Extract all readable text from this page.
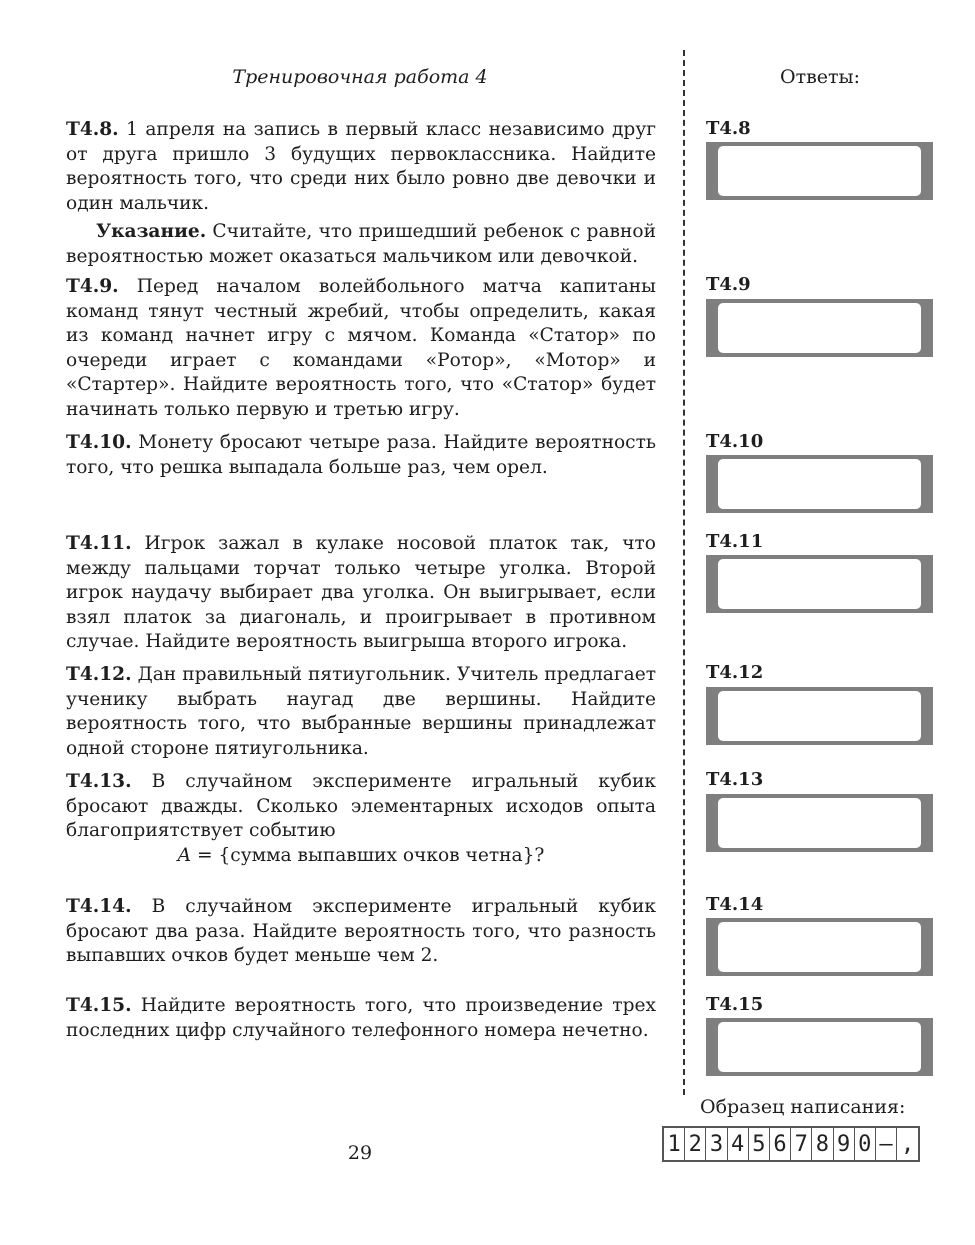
Тренировочная работа 4	Ответы:

Т4.8. 1 апреля на запись в первый класс независимо друг от друга пришло 3 будущих первоклассника. Найдите вероятность того, что среди них было ровно две девочки и один мальчик.

Указание. Считайте, что пришедший ребенок с равной вероятностью может оказаться мальчиком или девочкой.

Т4.9. Перед началом волейбольного матча капитаны команд тянут честный жребий, чтобы определить, какая из команд начнет игру с мячом. Команда «Статор» по очереди играет с командами «Ротор», «Мотор» и «Стартер». Найдите вероятность того, что «Статор» будет начинать только первую и третью игру.

Т4.10. Монету бросают четыре раза. Найдите вероятность того, что решка выпадала больше раз, чем орел.

Т4.11. Игрок зажал в кулаке носовой платок так, что между пальцами торчат только четыре уголка. Второй игрок наудачу выбирает два уголка. Он выигрывает, если взял платок за диагональ, и проигрывает в противном случае. Найдите вероятность выигрыша второго игрока.

Т4.12. Дан правильный пятиугольник. Учитель предлагает ученику выбрать наугад две вершины. Найдите вероятность того, что выбранные вершины принадлежат одной стороне пятиугольника.

Т4.13. В случайном эксперименте игральный кубик бросают дважды. Сколько элементарных исходов опыта благоприятствует событию

A = {сумма выпавших очков четна}?

Т4.14. В случайном эксперименте игральный кубик бросают два раза. Найдите вероятность того, что разность выпавших очков будет меньше чем 2.

Т4.15. Найдите вероятность того, что произведение трех последних цифр случайного телефонного номера нечетно.

Т4.8
Т4.9
Т4.10
Т4.11
Т4.12
Т4.13
Т4.14
Т4.15
Образец написания:
1 2 3 4 5 6 7 8 9 0 – ,
29
